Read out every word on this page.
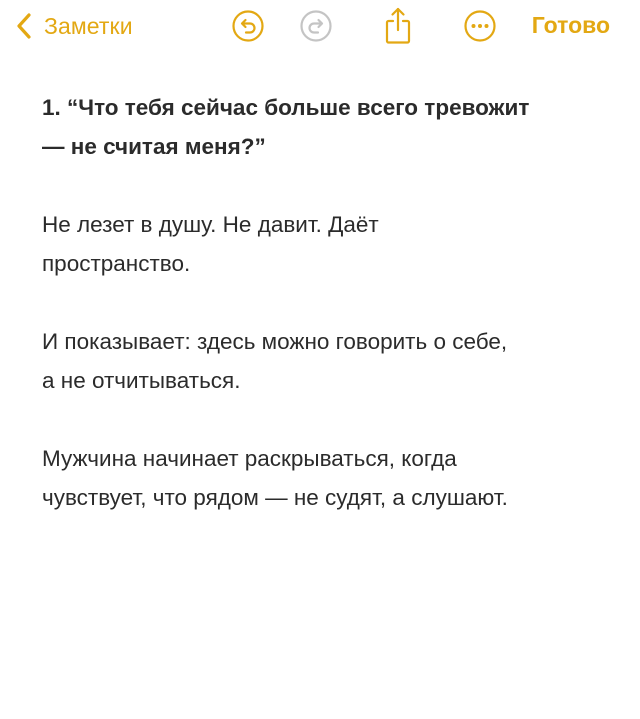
Заметки	Готово

1. “Что тебя сейчас больше всего тревожит

— не считая меня?”

Не лезет в душу. Не давит. Даёт

пространство.

И показывает: здесь можно говорить о себе,

а не отчитываться.

Мужчина начинает раскрываться, когда

чувствует, что рядом — не судят, а слушают.
